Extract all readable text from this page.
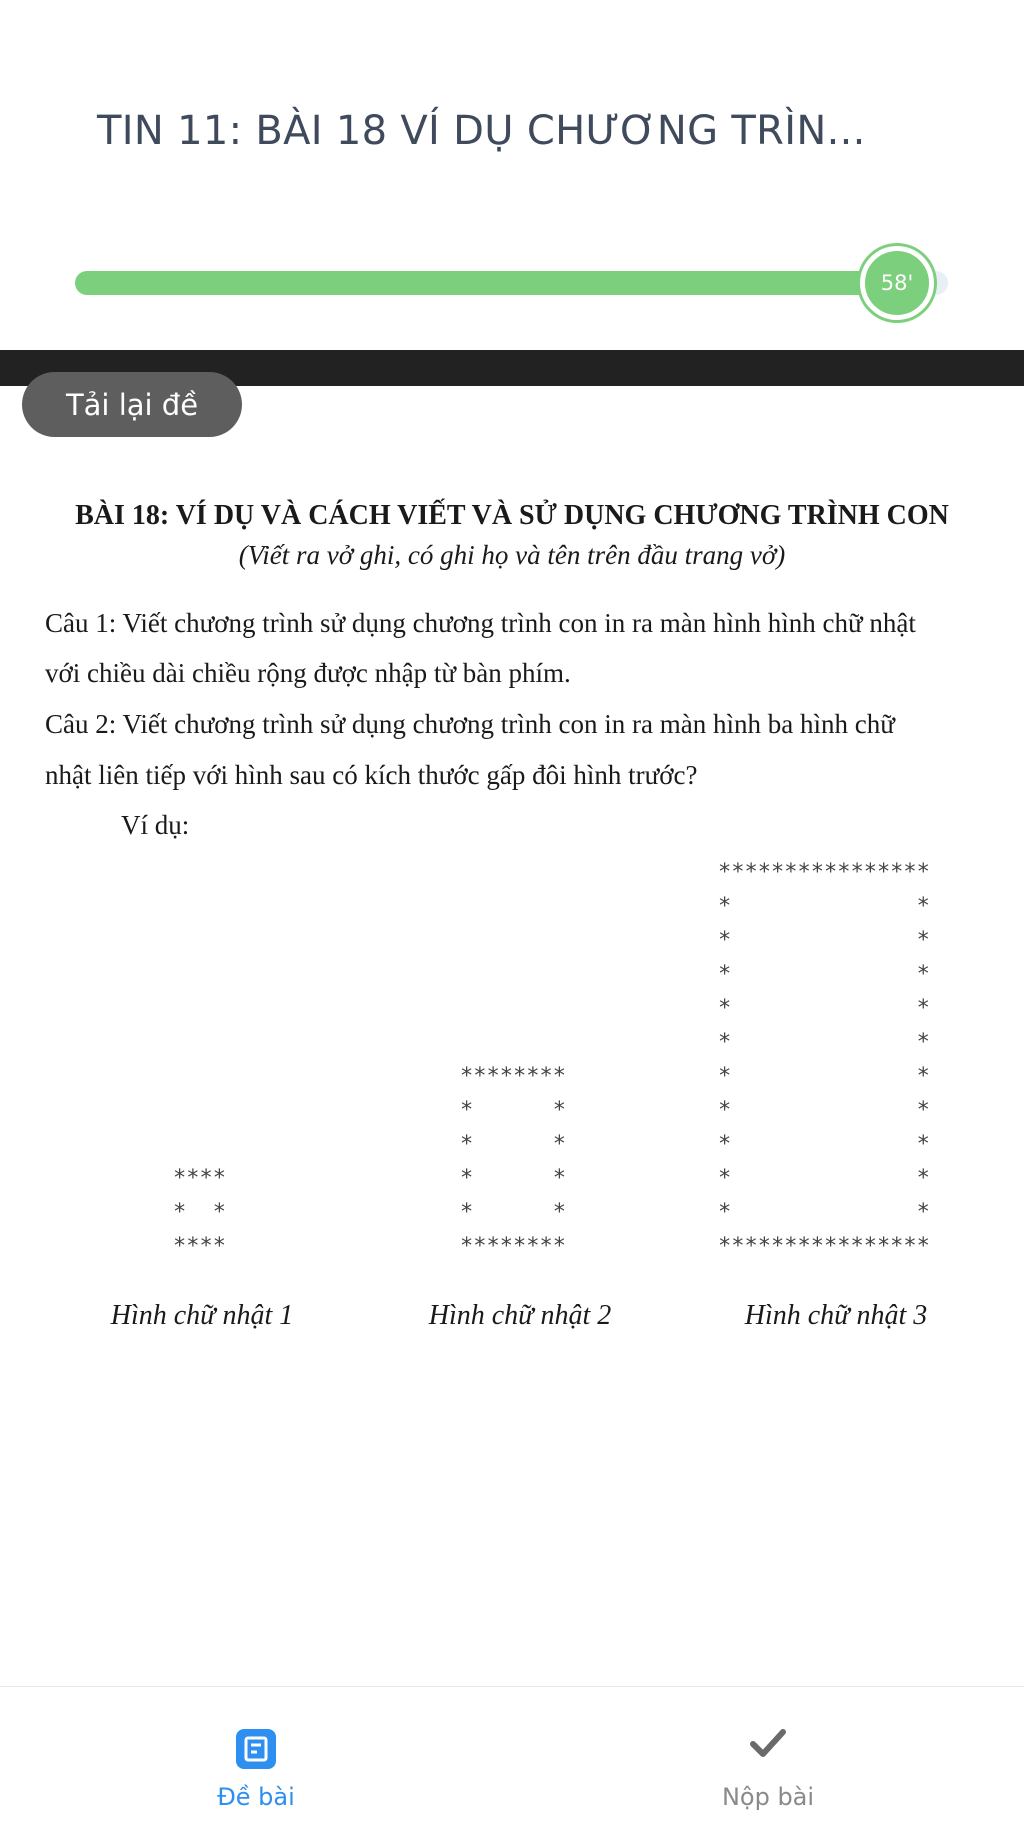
TIN 11: BÀI 18 VÍ DỤ CHƯƠNG TRÌN...
58'
Tải lại đề
BÀI 18: VÍ DỤ VÀ CÁCH VIẾT VÀ SỬ DỤNG CHƯƠNG TRÌNH CON
(Viết ra vở ghi, có ghi họ và tên trên đầu trang vở)
Câu 1: Viết chương trình sử dụng chương trình con in ra màn hình hình chữ nhật
với chiều dài chiều rộng được nhập từ bàn phím.
Câu 2: Viết chương trình sử dụng chương trình con in ra màn hình ba hình chữ
nhật liên tiếp với hình sau có kích thước gấp đôi hình trước?
Ví dụ:
****
*  *
****
********
*      *
*      *
*      *
*      *
********
****************
*              *
*              *
*              *
*              *
*              *
*              *
*              *
*              *
*              *
*              *
****************
Hình chữ nhật 1	Hình chữ nhật 2	Hình chữ nhật 3
Đề bài	Nộp bài
